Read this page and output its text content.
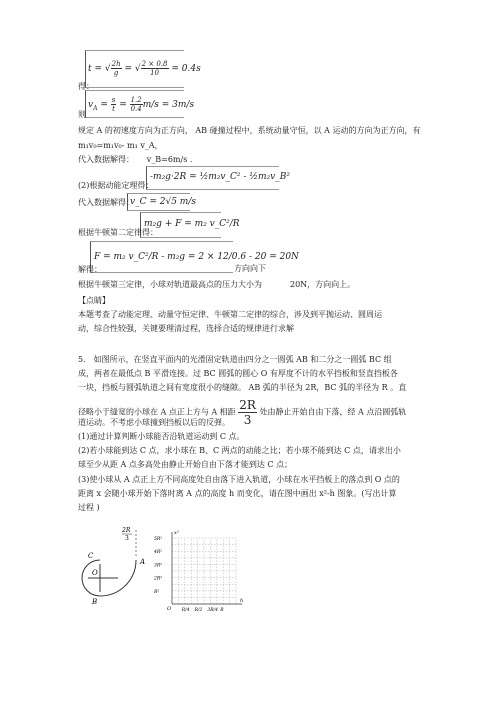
t = √ $\frac{2h}{g}$ = √ $\frac{2 \times 0.8}{10} = 0.4s$
得：
$v_A = \frac{s}{t} = \frac{1.2}{0.4} m/s = 3m/s$
则
规定 A 的初速度方向为正方向， AB 碰撞过程中，系统动量守恒，以 A 运动的方向为正方向，有
m₁v₀=m₁v₀- m₁ v_A，
代入数据解得： v_B=6m/s .
(2)根据动能定理得：
-m₂g·2R = ½m₂v_C² - ½m₂v_B²
代入数据解得：
v_C = 2√5 m/s
根据牛顿第二定律得：
m₂g + F = m₂ v_C²/R
解得：
F = m₂ v_C²/R - m₂g = 2 × 12/0.6 - 20 = 20N
方向向下
根据牛顿第三定律，小球对轨道最高点的压力大小为	20N，方向向上。
【点睛】
本题考查了动能定理、动量守恒定律、牛顿第二定律的综合，涉及到平抛运动、圆周运
动，综合性较强，关键要理清过程，选择合适的规律进行求解
5． 如图所示，在竖直平面内的光滑固定轨道由四分之一圆弧 AB 和二分之一圆弧 BC 组
成，两者在最低点 B 平滑连接。过 BC 圆弧的圆心 O 有厚度不计的水平挡板和竖直挡板各
一块，挡板与圆弧轨道之间有宽度很小的缝隙。 AB 弧的半径为 2R，BC 弧的半径为 R 。直
径略小于缝宽的小球在 A 点正上方与 A 相距 $\frac{2R}{3}$ 处由静止开始自由下落，经 A 点沿圆弧轨
道运动。不考虑小球撞到挡板以后的反弹。
(1)通过计算判断小球能否沿轨道运动到 C 点。
(2)若小球能到达 C 点，求小球在 B、C 两点的动能之比；若小球不能到达 C 点，请求出小
球至少从距 A 点多高处由静止开始自由下落才能到达 C 点；
(3)使小球从 A 点正上方不同高度处自由落下进入轨道，小球在水平挡板上的落点到 O 点的
距离 x 会随小球开始下落时离 A 点的高度 h 而变化，请在图中画出 x²-h 图象。(写出计算
过程 )
2R
3
C
O
A
B
x²
h
O
5R²
4R²
3R²
2R²
R²
R/4 R/2 3R/4 R
